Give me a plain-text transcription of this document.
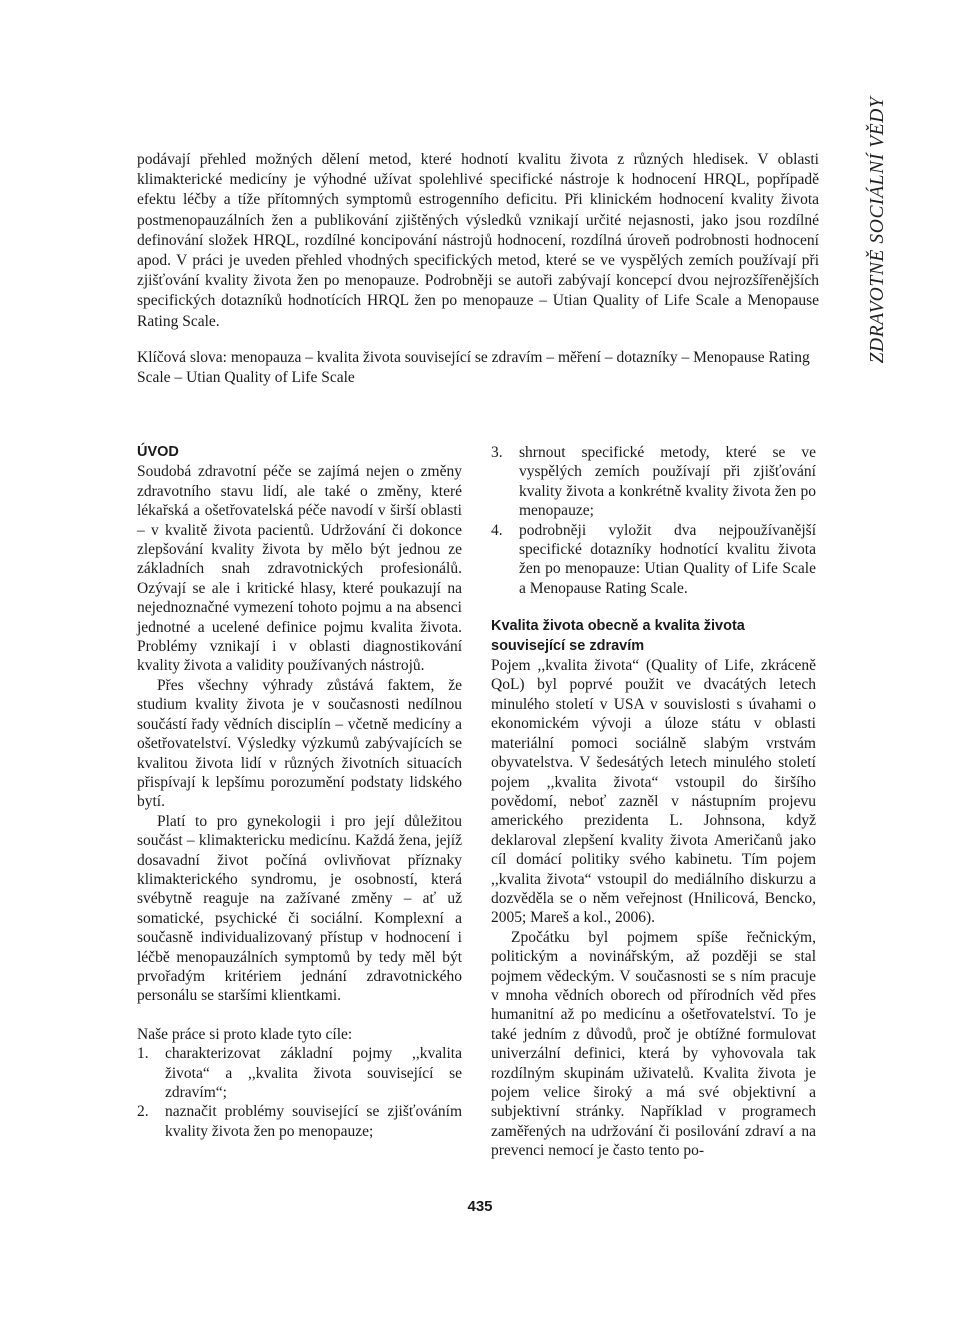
ZDRAVOTNĚ SOCIÁLNÍ VĚDY

podávají přehled možných dělení metod, které hodnotí kvalitu života z různých hledisek. V oblasti klimakterické medicíny je výhodné užívat spolehlivé specifické nástroje k hodnocení HRQL, popřípadě efektu léčby a tíže přítomných symptomů estrogenního deficitu. Při klinickém hodnocení kvality života postmenopauzálních žen a publikování zjištěných výsledků vznikají určité nejasnosti, jako jsou rozdílné definování složek HRQL, rozdílné koncipování nástrojů hodnocení, rozdílná úroveň podrobnosti hodnocení apod. V práci je uveden přehled vhodných specifických metod, které se ve vyspělých zemích používají při zjišťování kvality života žen po menopauze. Podrobněji se autoři zabývají koncepcí dvou nejrozšířenějších specifických dotazníků hodnotících HRQL žen po menopauze – Utian Quality of Life Scale a Menopause Rating Scale.

Klíčová slova: menopauza – kvalita života související se zdravím – měření – dotazníky – Menopause Rating Scale – Utian Quality of Life Scale

ÚVOD

Soudobá zdravotní péče se zajímá nejen o změny zdravotního stavu lidí, ale také o změny, které lékařská a ošetřovatelská péče navodí v širší oblasti – v kvalitě života pacientů. Udržování či dokonce zlepšování kvality života by mělo být jednou ze základních snah zdravotnických profesionálů. Ozývají se ale i kritické hlasy, které poukazují na nejednoznačné vymezení tohoto pojmu a na absenci jednotné a ucelené definice pojmu kvalita života. Problémy vznikají i v oblasti diagnostikování kvality života a validity používaných nástrojů.

Přes všechny výhrady zůstává faktem, že studium kvality života je v současnosti nedílnou součástí řady vědních disciplín – včetně medicíny a ošetřovatelství. Výsledky výzkumů zabývajících se kvalitou života lidí v různých životních situacích přispívají k lepšímu porozumění podstaty lidského bytí.

Platí to pro gynekologii i pro její důležitou součást – klimaktericku medicínu. Každá žena, jejíž dosavadní život počíná ovlivňovat příznaky klimakterického syndromu, je osobností, která svébytně reaguje na zažívané změny – ať už somatické, psychické či sociální. Komplexní a současně individualizovaný přístup v hodnocení i léčbě menopauzálních symptomů by tedy měl být prvořadým kritériem jednání zdravotnického personálu se staršími klientkami.

Naše práce si proto klade tyto cíle:

1.	charakterizovat základní pojmy ,,kvalita života“ a ,,kvalita života související se zdravím“;
2.	naznačit problémy související se zjišťováním kvality života žen po menopauze;
3.	shrnout specifické metody, které se ve vyspělých zemích používají při zjišťování kvality života a konkrétně kvality života žen po menopauze;
4.	podrobněji vyložit dva nejpoužívanější specifické dotazníky hodnotící kvalitu života žen po menopauze: Utian Quality of Life Scale a Menopause Rating Scale.
Kvalita života obecně a kvalita života související se zdravím

Pojem ,,kvalita života“ (Quality of Life, zkráceně QoL) byl poprvé použit ve dvacátých letech minulého století v USA v souvislosti s úvahami o ekonomickém vývoji a úloze státu v oblasti materiální pomoci sociálně slabým vrstvám obyvatelstva. V šedesátých letech minulého století pojem ,,kvalita života“ vstoupil do širšího povědomí, neboť zazněl v nástupním projevu amerického prezidenta L. Johnsona, když deklaroval zlepšení kvality života Američanů jako cíl domácí politiky svého kabinetu. Tím pojem ,,kvalita života“ vstoupil do mediálního diskurzu a dozvěděla se o něm veřejnost (Hnilicová, Bencko, 2005; Mareš a kol., 2006).

Zpočátku byl pojmem spíše řečnickým, politickým a novinářským, až později se stal pojmem vědeckým. V současnosti se s ním pracuje v mnoha vědních oborech od přírodních věd přes humanitní až po medicínu a ošetřovatelství. To je také jedním z důvodů, proč je obtížné formulovat univerzální definici, která by vyhovovala tak rozdílným skupinám uživatelů. Kvalita života je pojem velice široký a má své objektivní a subjektivní stránky. Například v programech zaměřených na udržování či posilování zdraví a na prevenci nemocí je často tento po-

435
